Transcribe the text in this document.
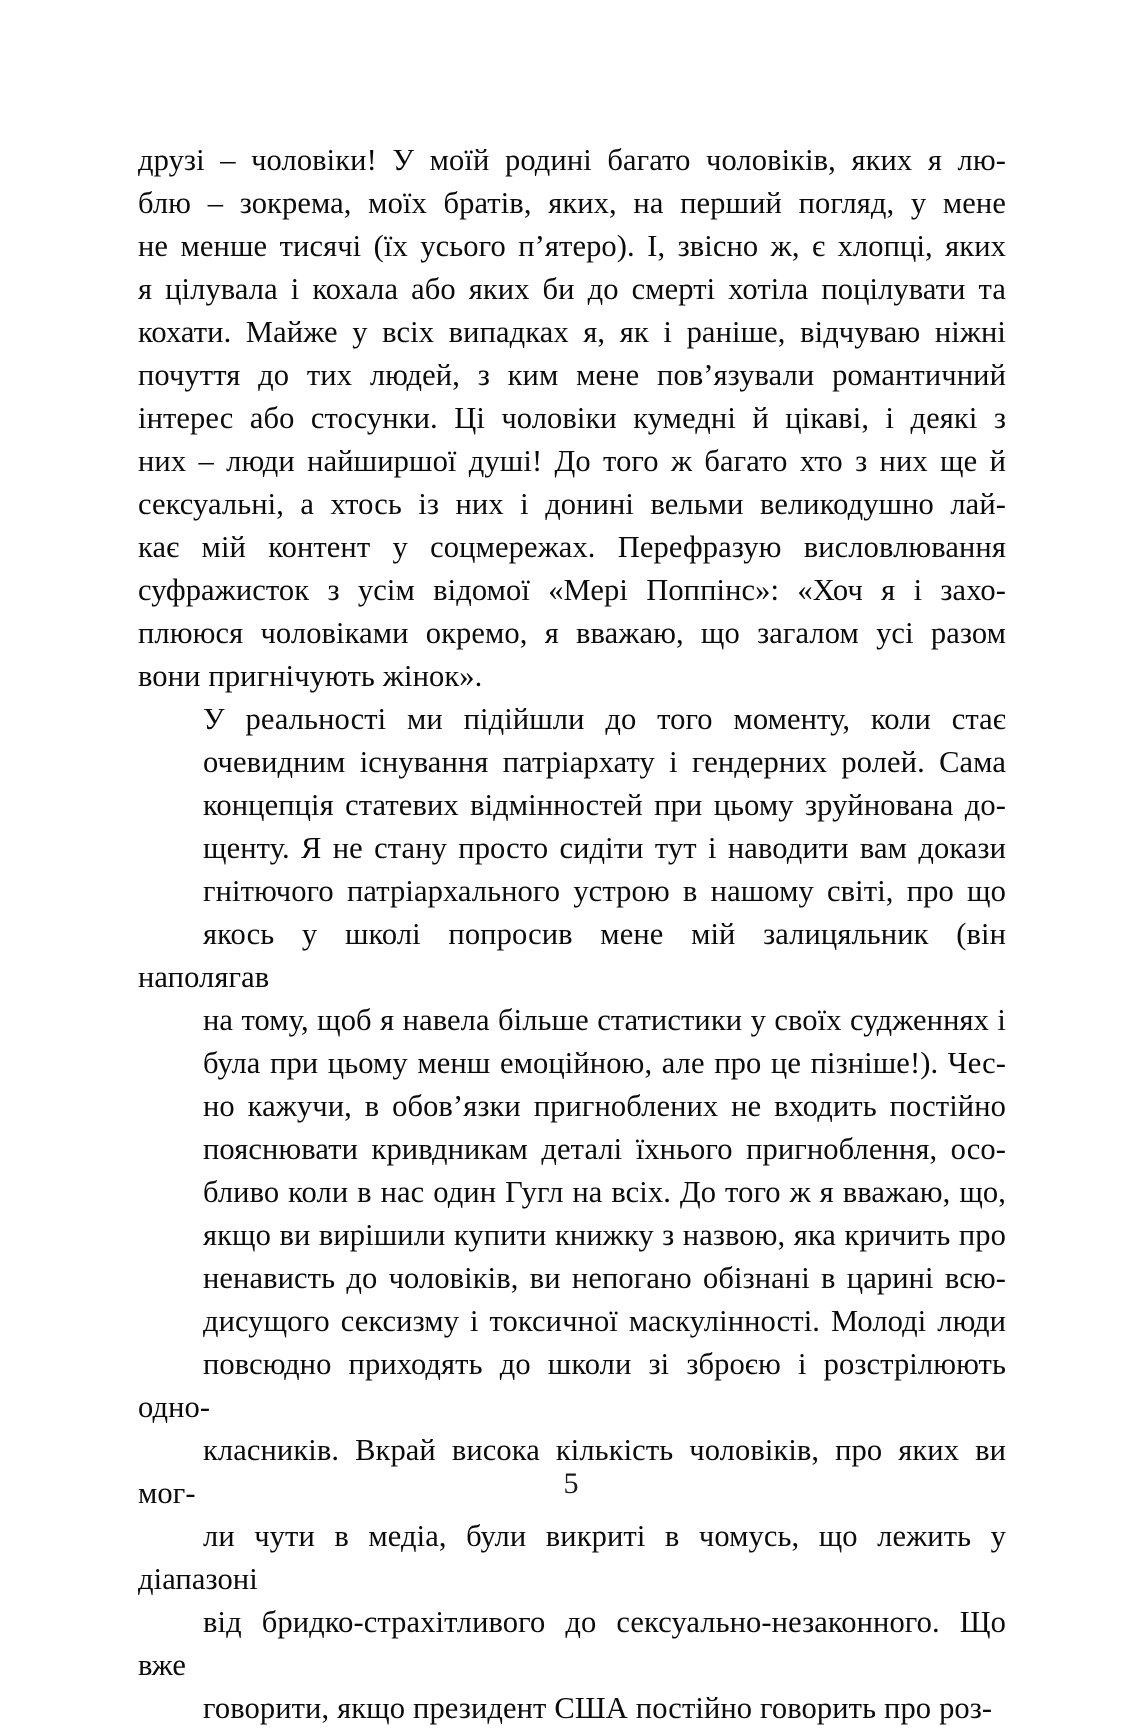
друзі – чоловіки! У моїй родині багато чоловіків, яких я лю-
блю – зокрема, моїх братів, яких, на перший погляд, у мене
не менше тисячі (їх усього п’ятеро). І, звісно ж, є хлопці, яких
я цілувала і кохала або яких би до смерті хотіла поцілувати та
кохати. Майже у всіх випадках я, як і раніше, відчуваю ніжні
почуття до тих людей, з ким мене пов’язували романтичний
інтерес або стосунки. Ці чоловіки кумедні й цікаві, і деякі з
них – люди найширшої душі! До того ж багато хто з них ще й
сексуальні, а хтось із них і донині вельми великодушно лай-
кає мій контент у соцмережах. Перефразую висловлювання
суфражисток з усім відомої «Мері Поппінс»: «Хоч я і захо-
плююся чоловіками окремо, я вважаю, що загалом усі разом
вони пригнічують жінок».

У реальності ми підійшли до того моменту, коли стає
очевидним існування патріархату і гендерних ролей. Сама
концепція статевих відмінностей при цьому зруйнована до-
щенту. Я не стану просто сидіти тут і наводити вам докази
гнітючого патріархального устрою в нашому світі, про що
якось у школі попросив мене мій залицяльник (він наполягав
на тому, щоб я навела більше статистики у своїх судженнях і
була при цьому менш емоційною, але про це пізніше!). Чес-
но кажучи, в обов’язки пригноблених не входить постійно
пояснювати кривдникам деталі їхнього пригноблення, осо-
бливо коли в нас один Гугл на всіх. До того ж я вважаю, що,
якщо ви вирішили купити книжку з назвою, яка кричить про
ненависть до чоловіків, ви непогано обізнані в царині всю-
дисущого сексизму і токсичної маскулінності. Молоді люди
повсюдно приходять до школи зі зброєю і розстрілюють одно-
класників. Вкрай висока кількість чоловіків, про яких ви мог-
ли чути в медіа, були викриті в чомусь, що лежить у діапазоні
від бридко-страхітливого до сексуально-незаконного. Що вже
говорити, якщо президент США постійно говорить про роз-

5
